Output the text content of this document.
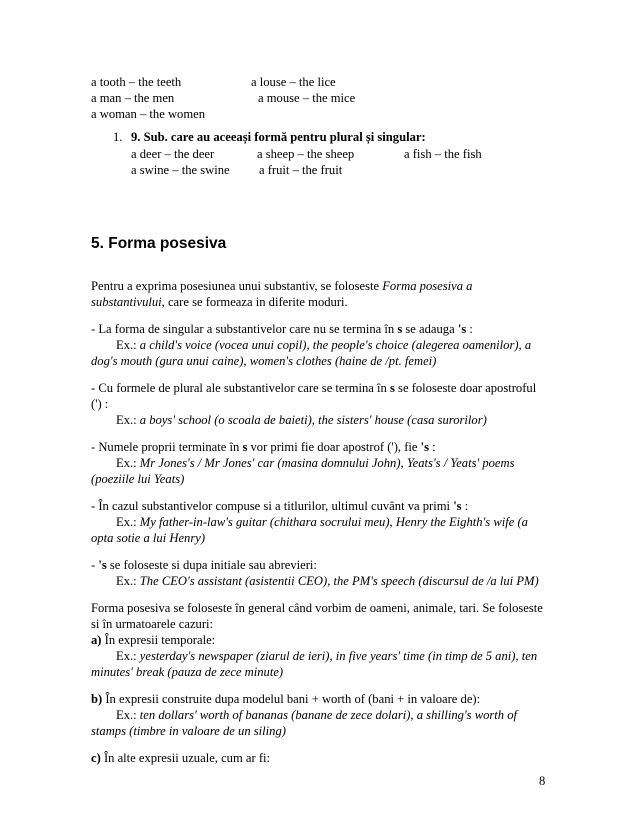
a tooth – the teeth	a louse – the lice
a man – the men	a mouse – the mice
a woman – the women
1. 9. Sub. care au aceeași formă pentru plural și singular:
a deer – the deer	a sheep – the sheep	a fish – the fish
a swine – the swine a fruit – the fruit
5. Forma posesiva
Pentru a exprima posesiunea unui substantiv, se foloseste Forma posesiva a
substantivului, care se formeaza in diferite moduri.
- La forma de singular a substantivelor care nu se termina în s se adauga 's :
Ex.: a child's voice (vocea unui copil), the people's choice (alegerea oamenilor), a
dog's mouth (gura unui caine), women's clothes (haine de /pt. femei)
- Cu formele de plural ale substantivelor care se termina în s se foloseste doar apostroful
(') :
Ex.: a boys' school (o scoala de baieti), the sisters' house (casa surorilor)
- Numele proprii terminate în s vor primi fie doar apostrof ('), fie 's :
Ex.: Mr Jones's / Mr Jones' car (masina domnului John), Yeats's / Yeats' poems
(poeziile lui Yeats)
- În cazul substantivelor compuse si a titlurilor, ultimul cuvânt va primi 's :
Ex.: My father-in-law's guitar (chithara socrului meu), Henry the Eighth's wife (a
opta sotie a lui Henry)
- 's se foloseste si dupa initiale sau abrevieri:
Ex.: The CEO's assistant (asistentii CEO), the PM's speech (discursul de /a lui PM)
Forma posesiva se foloseste în general când vorbim de oameni, animale, tari. Se foloseste
si în urmatoarele cazuri:
a) În expresii temporale:
Ex.: yesterday's newspaper (ziarul de ieri), in five years' time (in timp de 5 ani), ten
minutes' break (pauza de zece minute)
b) În expresii construite dupa modelul bani + worth of (bani + in valoare de):
Ex.: ten dollars' worth of bananas (banane de zece dolari), a shilling's worth of
stamps (timbre in valoare de un siling)
c) În alte expresii uzuale, cum ar fi:
8
